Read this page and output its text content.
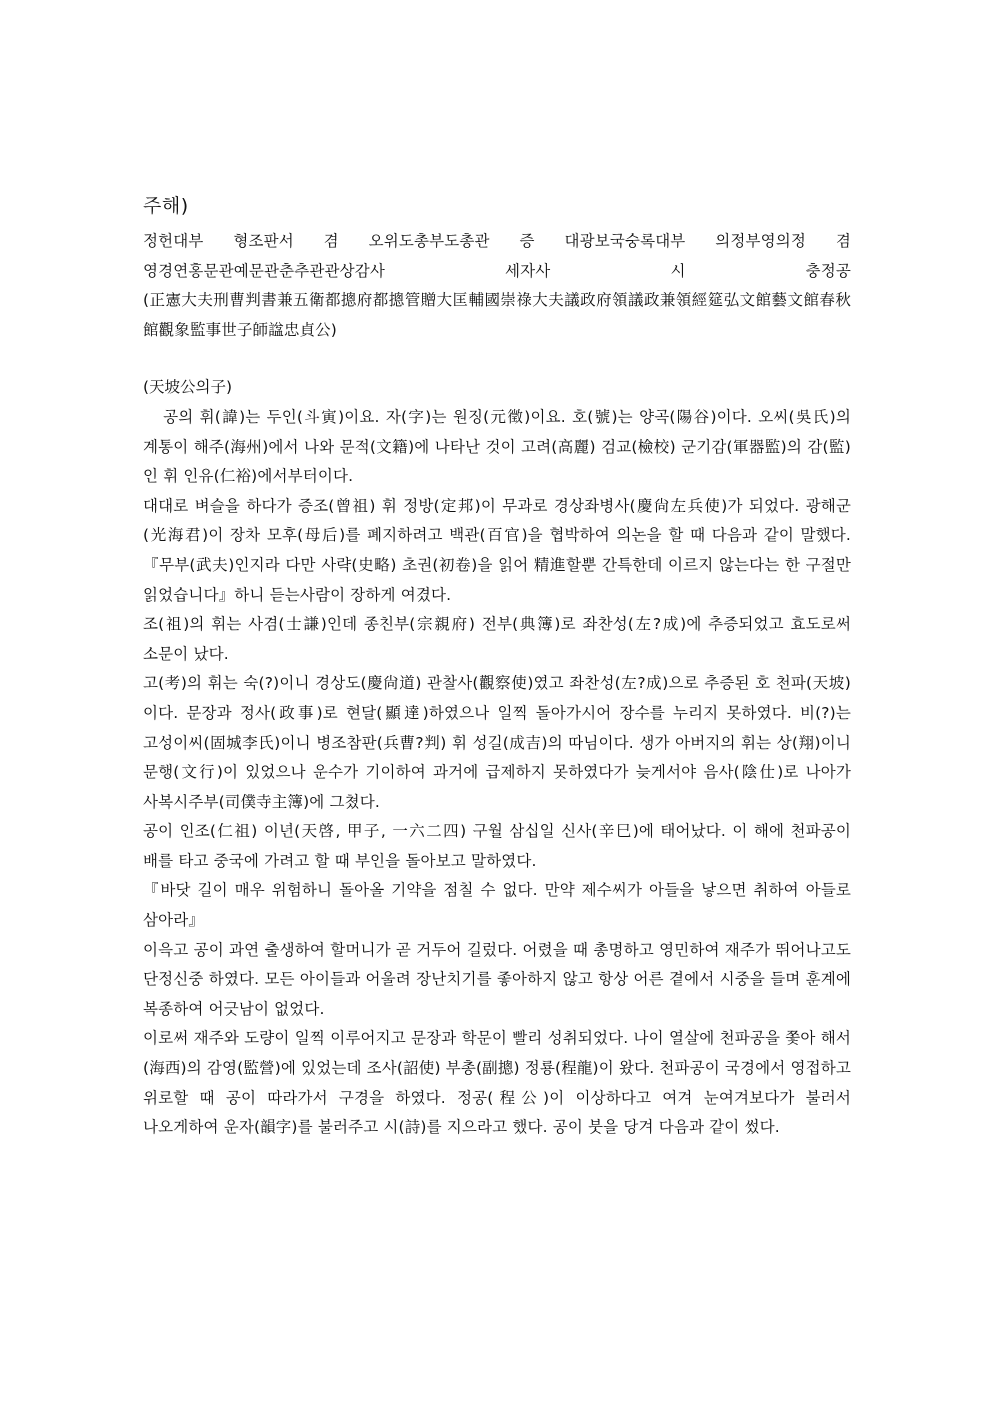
주해)

정헌대부 형조판서 겸 오위도총부도총관 증 대광보국숭록대부 의정부영의정 겸 영경연홍문관예문관춘추관관상감사 세자사 시 충정공(正憲大夫刑曹判書兼五衛都摠府都摠管贈大匡輔國崇祿大夫議政府領議政兼領經筵弘文館藝文館春秋館觀象監事世子師諡忠貞公)

(天坡公의子)

공의 휘(諱)는 두인(斗寅)이요. 자(字)는 원징(元徵)이요. 호(號)는 양곡(陽谷)이다. 오씨(吳氏)의 계통이 해주(海州)에서 나와 문적(文籍)에 나타난 것이 고려(高麗) 검교(檢校) 군기감(軍器監)의 감(監)인 휘 인유(仁裕)에서부터이다.

대대로 벼슬을 하다가 증조(曾祖) 휘 정방(定邦)이 무과로 경상좌병사(慶尙左兵使)가 되었다. 광해군(光海君)이 장차 모후(母后)를 폐지하려고 백관(百官)을 협박하여 의논을 할 때 다음과 같이 말했다.『무부(武夫)인지라 다만 사략(史略) 초권(初卷)을 읽어 精進할뿐 간특한데 이르지 않는다는 한 구절만 읽었습니다』하니 듣는사람이 장하게 여겼다.

조(祖)의 휘는 사겸(士謙)인데 종친부(宗親府) 전부(典簿)로 좌찬성(左?成)에 추증되었고 효도로써 소문이 났다.

고(考)의 휘는 숙(?)이니 경상도(慶尙道) 관찰사(觀察使)였고 좌찬성(左?成)으로 추증된 호 천파(天坡)이다. 문장과 정사(政事)로 현달(顯達)하였으나 일찍 돌아가시어 장수를 누리지 못하였다. 비(?)는 고성이씨(固城李氏)이니 병조참판(兵曹?判) 휘 성길(成吉)의 따님이다. 생가 아버지의 휘는 상(翔)이니 문행(文行)이 있었으나 운수가 기이하여 과거에 급제하지 못하였다가 늦게서야 음사(陰仕)로 나아가 사복시주부(司僕寺主簿)에 그쳤다.

공이 인조(仁祖) 이년(天啓, 甲子, 一六二四) 구월 삼십일 신사(辛巳)에 태어났다. 이 해에 천파공이 배를 타고 중국에 가려고 할 때 부인을 돌아보고 말하였다.

『바닷 길이 매우 위험하니 돌아올 기약을 점칠 수 없다. 만약 제수씨가 아들을 낳으면 취하여 아들로 삼아라』

이윽고 공이 과연 출생하여 할머니가 곧 거두어 길렀다. 어렸을 때 총명하고 영민하여 재주가 뛰어나고도 단정신중 하였다. 모든 아이들과 어울려 장난치기를 좋아하지 않고 항상 어른 곁에서 시중을 들며 훈계에 복종하여 어긋남이 없었다.

이로써 재주와 도량이 일찍 이루어지고 문장과 학문이 빨리 성취되었다. 나이 열살에 천파공을 쫓아 해서(海西)의 감영(監營)에 있었는데 조사(詔使) 부총(副摠) 정룡(程龍)이 왔다. 천파공이 국경에서 영접하고 위로할 때 공이 따라가서 구경을 하였다. 정공(程公)이 이상하다고 여겨 눈여겨보다가 불러서 나오게하여 운자(韻字)를 불러주고 시(詩)를 지으라고 했다. 공이 붓을 당겨 다음과 같이 썼다.
